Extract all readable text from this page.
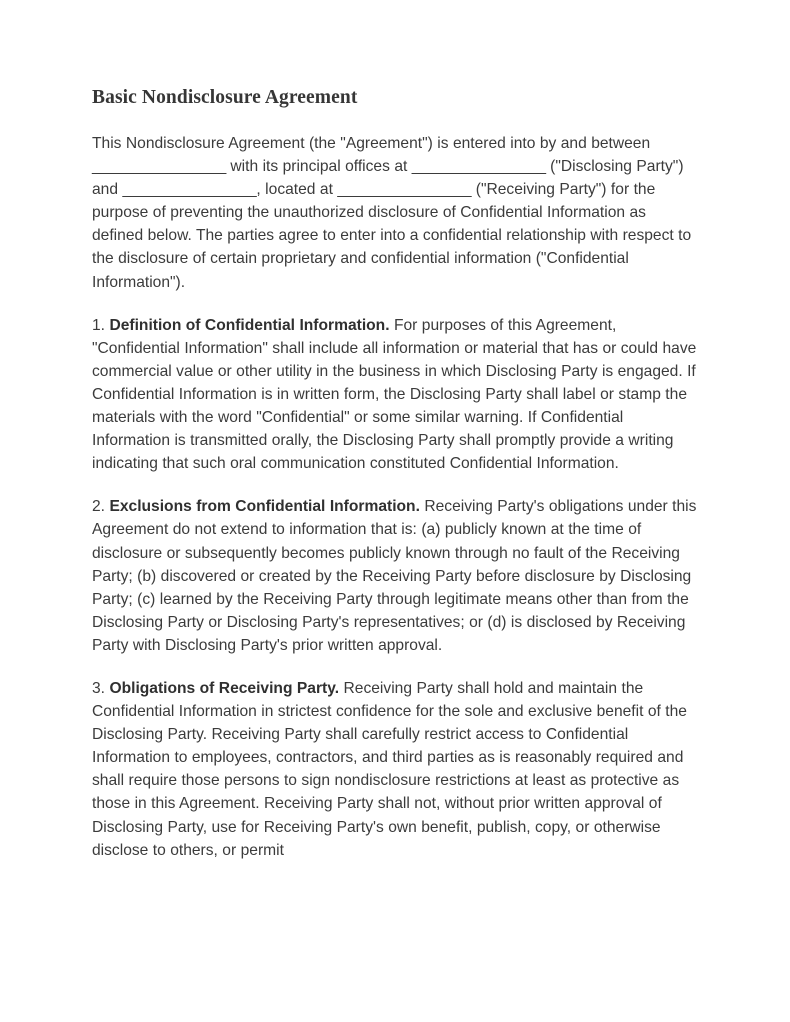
Basic Nondisclosure Agreement

This Nondisclosure Agreement (the "Agreement") is entered into by and between ________________ with its principal offices at ________________ ("Disclosing Party") and ________________, located at ________________ ("Receiving Party") for the purpose of preventing the unauthorized disclosure of Confidential Information as defined below. The parties agree to enter into a confidential relationship with respect to the disclosure of certain proprietary and confidential information ("Confidential Information").

1. Definition of Confidential Information. For purposes of this Agreement, "Confidential Information" shall include all information or material that has or could have commercial value or other utility in the business in which Disclosing Party is engaged. If Confidential Information is in written form, the Disclosing Party shall label or stamp the materials with the word "Confidential" or some similar warning. If Confidential Information is transmitted orally, the Disclosing Party shall promptly provide a writing indicating that such oral communication constituted Confidential Information.

2. Exclusions from Confidential Information. Receiving Party's obligations under this Agreement do not extend to information that is: (a) publicly known at the time of disclosure or subsequently becomes publicly known through no fault of the Receiving Party; (b) discovered or created by the Receiving Party before disclosure by Disclosing Party; (c) learned by the Receiving Party through legitimate means other than from the Disclosing Party or Disclosing Party's representatives; or (d) is disclosed by Receiving Party with Disclosing Party's prior written approval.

3. Obligations of Receiving Party. Receiving Party shall hold and maintain the Confidential Information in strictest confidence for the sole and exclusive benefit of the Disclosing Party. Receiving Party shall carefully restrict access to Confidential Information to employees, contractors, and third parties as is reasonably required and shall require those persons to sign nondisclosure restrictions at least as protective as those in this Agreement. Receiving Party shall not, without prior written approval of Disclosing Party, use for Receiving Party's own benefit, publish, copy, or otherwise disclose to others, or permit
